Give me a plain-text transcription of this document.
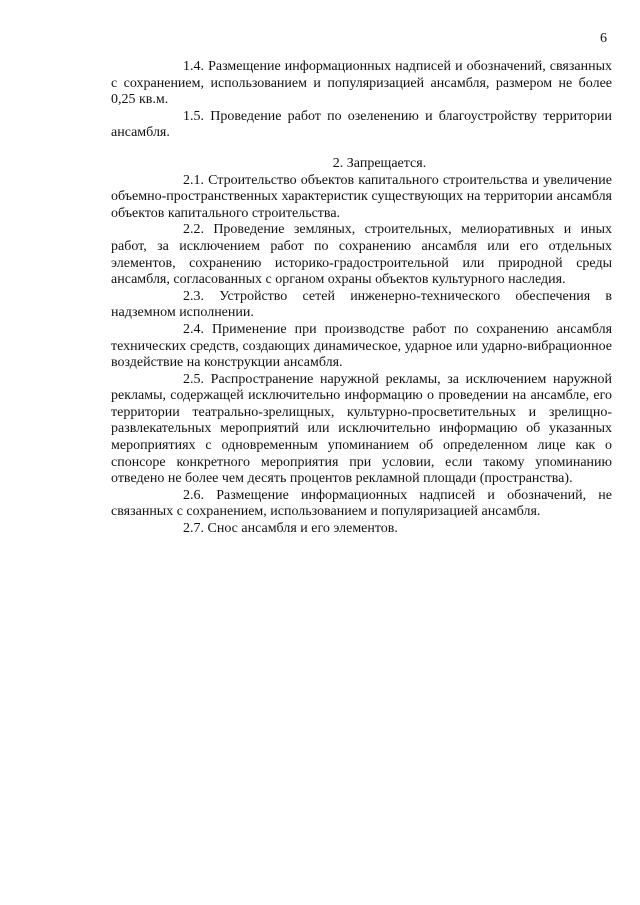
6

1.4. Размещение информационных надписей и обозначений, связанных с сохранением, использованием и популяризацией ансамбля, размером не более 0,25 кв.м.

1.5. Проведение работ по озеленению и благоустройству территории ансамбля.

2. Запрещается.

2.1. Строительство объектов капитального строительства и увеличение объемно-пространственных характеристик существующих на территории ансамбля объектов капитального строительства.

2.2. Проведение земляных, строительных, мелиоративных и иных работ, за исключением работ по сохранению ансамбля или его отдельных элементов, сохранению историко-градостроительной или природной среды ансамбля, согласованных с органом охраны объектов культурного наследия.

2.3. Устройство сетей инженерно-технического обеспечения в надземном исполнении.

2.4. Применение при производстве работ по сохранению ансамбля технических средств, создающих динамическое, ударное или ударно-вибрационное воздействие на конструкции ансамбля.

2.5. Распространение наружной рекламы, за исключением наружной рекламы, содержащей исключительно информацию о проведении на ансамбле, его территории театрально-зрелищных, культурно-просветительных и зрелищно-развлекательных мероприятий или исключительно информацию об указанных мероприятиях с одновременным упоминанием об определенном лице как о спонсоре конкретного мероприятия при условии, если такому упоминанию отведено не более чем десять процентов рекламной площади (пространства).

2.6. Размещение информационных надписей и обозначений, не связанных с сохранением, использованием и популяризацией ансамбля.

2.7. Снос ансамбля и его элементов.
